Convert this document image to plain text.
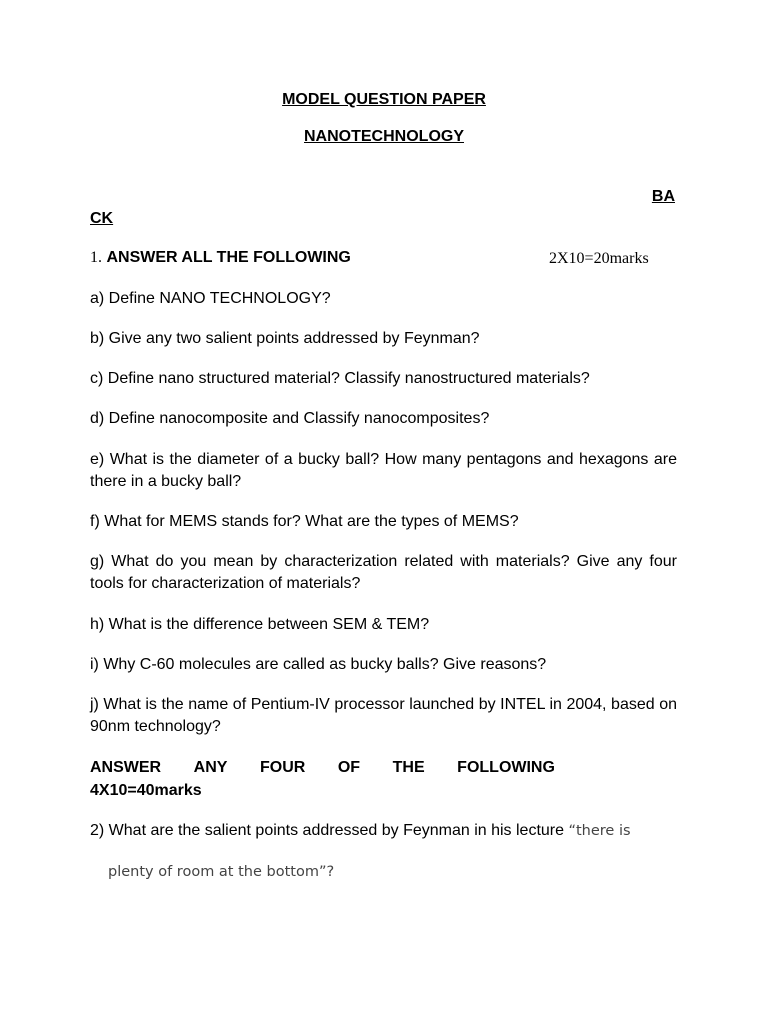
MODEL QUESTION PAPER
NANOTECHNOLOGY
BA
CK
1. ANSWER ALL THE FOLLOWING	2X10=20marks
a) Define NANO TECHNOLOGY?
b) Give any two salient points addressed by Feynman?
c) Define nano structured material? Classify nanostructured materials?
d) Define nanocomposite and Classify nanocomposites?
e) What is the diameter of a bucky ball? How many pentagons and hexagons are there in a bucky ball?
f) What for MEMS stands for? What are the types of MEMS?
g) What do you mean by characterization related with materials? Give any four tools for characterization of materials?
h) What is the difference between SEM & TEM?
i) Why C-60 molecules are called as bucky balls? Give reasons?
j) What is the name of Pentium-IV processor launched by INTEL in 2004, based on 90nm technology?
ANSWER ANY FOUR OF THE FOLLOWING
4X10=40marks
2) What are the salient points addressed by Feynman in his lecture “there is
plenty of room at the bottom”?
